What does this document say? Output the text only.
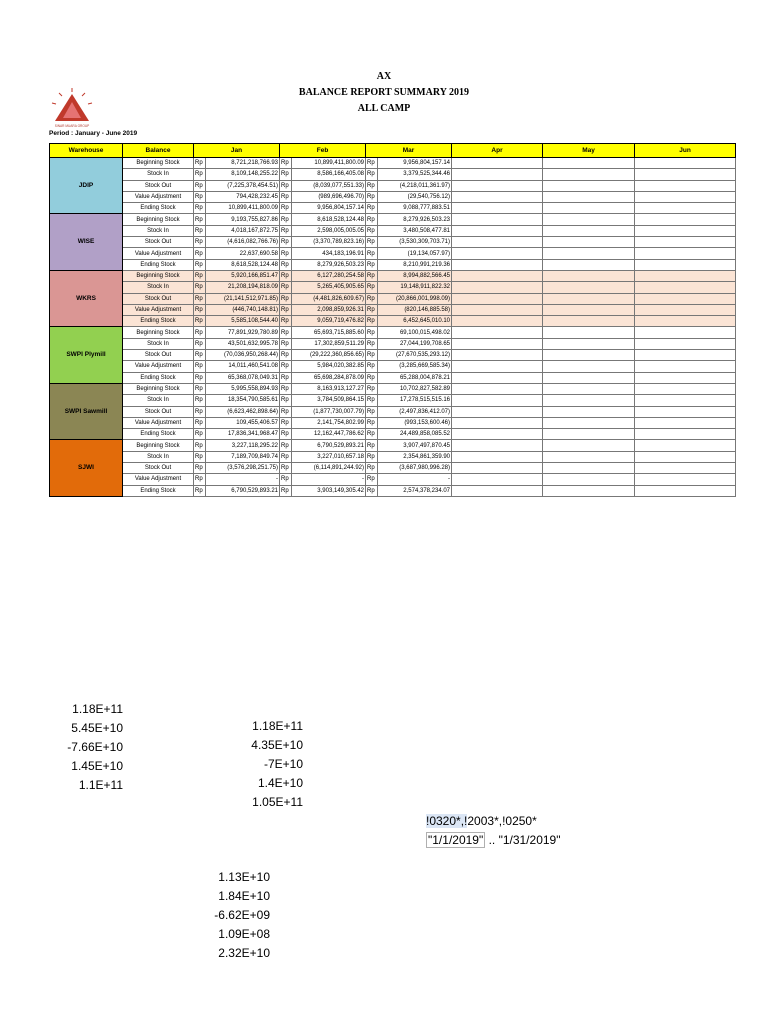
AX
BALANCE REPORT SUMMARY 2019
ALL CAMP
SINAR MUARA GROUP
Period : January - June 2019
Warehouse	Balance	Jan		Feb		Mar		Apr	May	Jun
JDIP	Beginning Stock	Rp	8,721,218,766.93	Rp	10,899,411,800.09	Rp	9,956,804,157.14			
	Stock In	Rp	8,109,148,255.22	Rp	8,586,166,405.08	Rp	3,379,525,344.46			
	Stock Out	Rp	(7,225,378,454.51)	Rp	(8,039,077,551.33)	Rp	(4,218,011,361.97)			
	Value Adjustment	Rp	794,428,232.45	Rp	(989,696,496.70)	Rp	(29,540,756.12)			
	Ending Stock	Rp	10,899,411,800.09	Rp	9,956,804,157.14	Rp	9,088,777,883.51			
WISE	Beginning Stock	Rp	9,193,755,827.86	Rp	8,618,528,124.48	Rp	8,279,926,503.23			
	Stock In	Rp	4,018,167,872.75	Rp	2,598,005,005.05	Rp	3,480,508,477.81			
	Stock Out	Rp	(4,616,082,766.76)	Rp	(3,370,789,823.16)	Rp	(3,530,309,703.71)			
	Value Adjustment	Rp	22,637,690.58	Rp	434,183,196.91	Rp	(19,134,057.97)			
	Ending Stock	Rp	8,618,528,124.48	Rp	8,279,926,503.23	Rp	8,210,991,219.36			
WKRS	Beginning Stock	Rp	5,920,166,851.47	Rp	6,127,280,254.58	Rp	8,994,882,566.45			
	Stock In	Rp	21,208,194,818.09	Rp	5,265,405,905.65	Rp	19,148,911,822.32			
	Stock Out	Rp	(21,141,512,971.85)	Rp	(4,481,826,609.67)	Rp	(20,866,001,998.09)			
	Value Adjustment	Rp	(446,740,148.81)	Rp	2,098,859,926.31	Rp	(820,146,885.58)			
	Ending Stock	Rp	5,585,108,544.40	Rp	9,059,719,476.82	Rp	6,452,645,010.10			
SWPI Plymill	Beginning Stock	Rp	77,891,929,780.89	Rp	65,693,715,885.60	Rp	69,100,015,498.02			
	Stock In	Rp	43,501,632,995.78	Rp	17,302,859,511.29	Rp	27,044,199,708.65			
	Stock Out	Rp	(70,036,950,268.44)	Rp	(29,222,360,856.65)	Rp	(27,670,535,293.12)			
	Value Adjustment	Rp	14,011,460,541.08	Rp	5,984,020,382.85	Rp	(3,285,669,585.34)			
	Ending Stock	Rp	65,368,078,049.31	Rp	65,698,284,878.09	Rp	65,288,004,878.21			
SWPI Sawmill	Beginning Stock	Rp	5,995,558,894.93	Rp	8,163,913,127.27	Rp	10,702,827,582.89			
	Stock In	Rp	18,354,790,585.61	Rp	3,784,509,864.15	Rp	17,278,515,515.16			
	Stock Out	Rp	(6,623,462,898.64)	Rp	(1,877,730,007.79)	Rp	(2,497,836,412.07)			
	Value Adjustment	Rp	109,455,406.57	Rp	2,141,754,802.99	Rp	(993,153,600.46)			
	Ending Stock	Rp	17,836,341,968.47	Rp	12,162,447,786.62	Rp	24,489,858,085.52			
SJWI	Beginning Stock	Rp	3,227,118,295.22	Rp	6,790,529,893.21	Rp	3,907,497,870.45			
	Stock In	Rp	7,189,709,849.74	Rp	3,227,010,657.18	Rp	2,354,861,359.90			
	Stock Out	Rp	(3,576,298,251.75)	Rp	(6,114,891,244.92)	Rp	(3,687,980,996.28)			
	Value Adjustment	Rp	-	Rp	-	Rp	-			
	Ending Stock	Rp	6,790,529,893.21	Rp	3,903,149,305.42	Rp	2,574,378,234.07			
1.18E+11
5.45E+10
-7.66E+10
1.45E+10
1.1E+11
1.18E+11
4.35E+10
-7E+10
1.4E+10
1.05E+11
1.13E+10
1.84E+10
-6.62E+09
1.09E+08
2.32E+10
!0320*,!2003*,!0250*
"1/1/2019" .. "1/31/2019"
